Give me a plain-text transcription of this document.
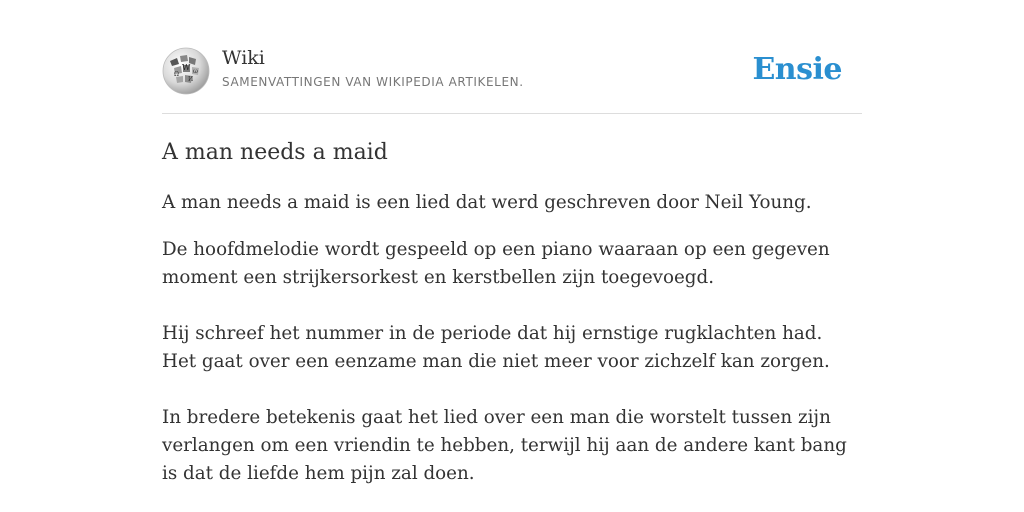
W
Ω
И
ω
Wiki
SAMENVATTINGEN VAN WIKIPEDIA ARTIKELEN.	Ensie
A man needs a maid

A man needs a maid is een lied dat werd geschreven door Neil Young.

De hoofdmelodie wordt gespeeld op een piano waaraan op een gegeven moment een strijkersorkest en kerstbellen zijn toegevoegd.

Hij schreef het nummer in de periode dat hij ernstige rugklachten had. Het gaat over een eenzame man die niet meer voor zichzelf kan zorgen.

In bredere betekenis gaat het lied over een man die worstelt tussen zijn verlangen om een vriendin te hebben, terwijl hij aan de andere kant bang is dat de liefde hem pijn zal doen.
